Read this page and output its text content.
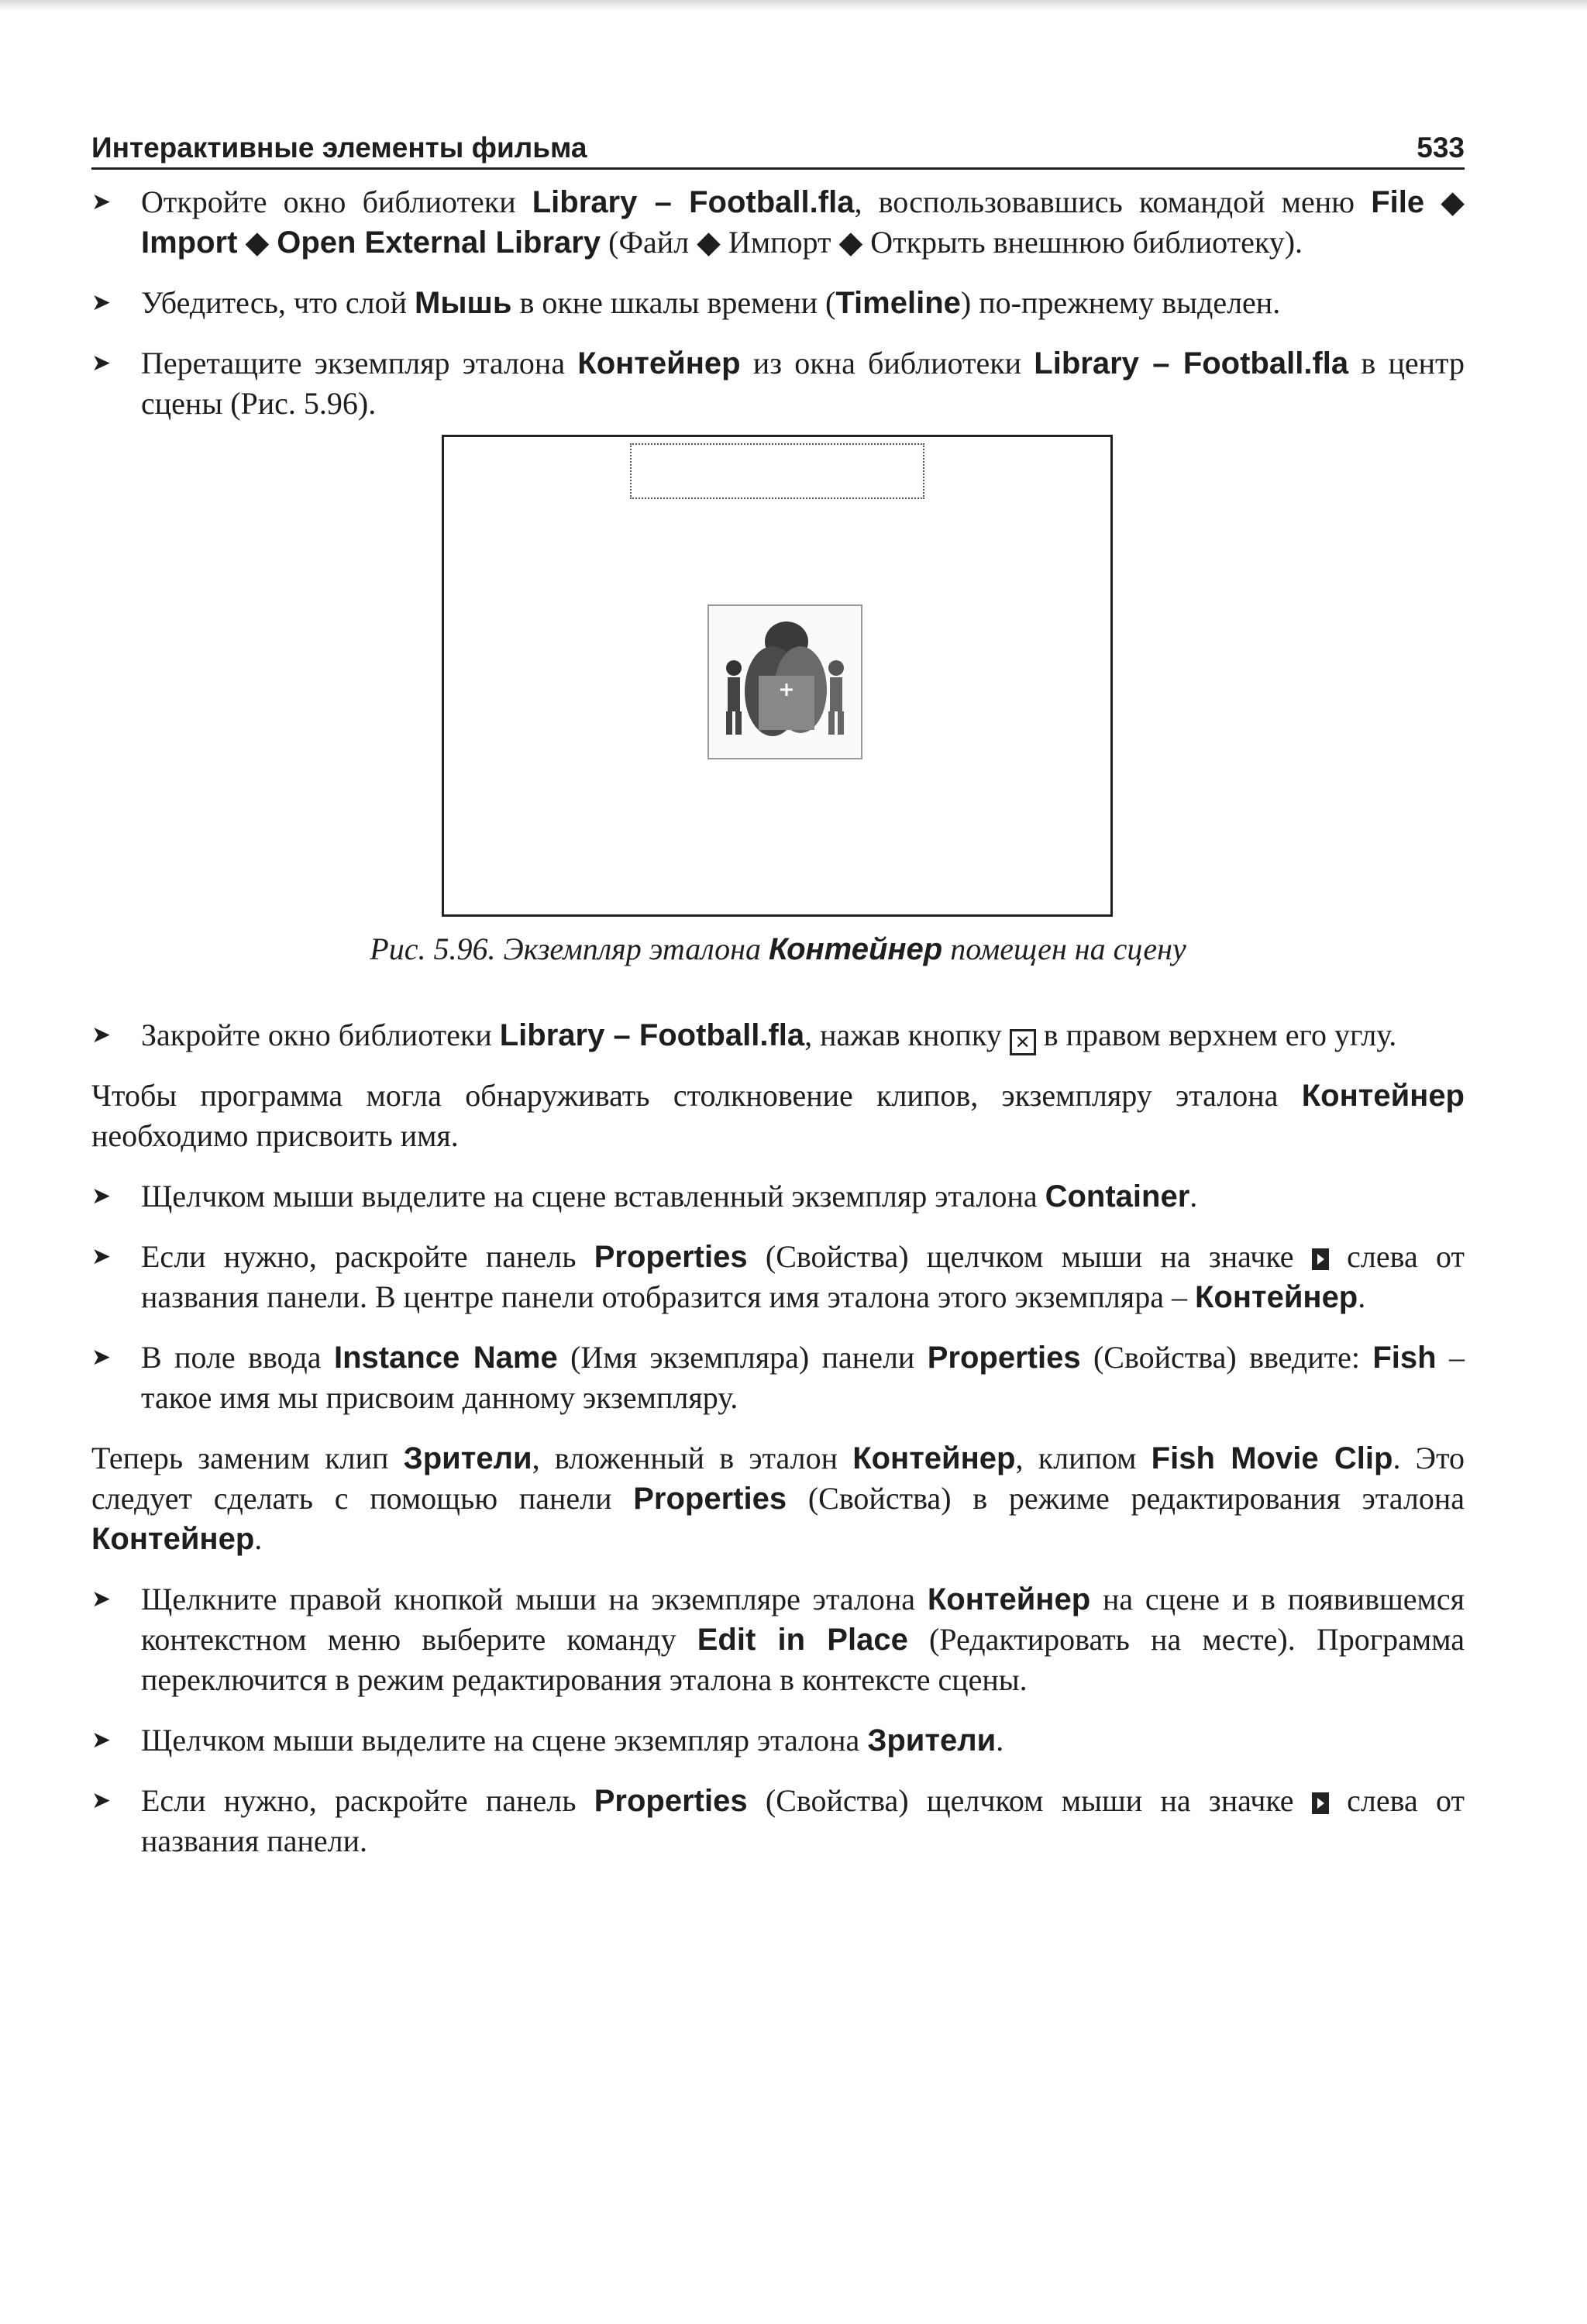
Интерактивные элементы фильма	533

➤ Откройте окно библиотеки Library – Football.fla, воспользовавшись командой меню File ◆ Import ◆ Open External Library (Файл ◆ Импорт ◆ Открыть внешнюю библиотеку).

➤ Убедитесь, что слой Мышь в окне шкалы времени (Timeline) по-прежнему выделен.

➤ Перетащите экземпляр эталона Контейнер из окна библиотеки Library – Football.fla в центр сцены (Рис. 5.96).

Рис. 5.96. Экземпляр эталона Контейнер помещен на сцену

➤ Закройте окно библиотеки Library – Football.fla, нажав кнопку ✕ в правом верхнем его углу.

Чтобы программа могла обнаруживать столкновение клипов, экземпляру эталона Контейнер необходимо присвоить имя.

➤ Щелчком мыши выделите на сцене вставленный экземпляр эталона Container.

➤ Если нужно, раскройте панель Properties (Свойства) щелчком мыши на значке  слева от названия панели. В центре панели отобразится имя эталона этого экземпляра – Контейнер.

➤ В поле ввода Instance Name (Имя экземпляра) панели Properties (Свойства) введите: Fish – такое имя мы присвоим данному экземпляру.

Теперь заменим клип Зрители, вложенный в эталон Контейнер, клипом Fish Movie Clip. Это следует сделать с помощью панели Properties (Свойства) в режиме редактирования эталона Контейнер.

➤ Щелкните правой кнопкой мыши на экземпляре эталона Контейнер на сцене и в появившемся контекстном меню выберите команду Edit in Place (Редактировать на месте). Программа переключится в режим редактирования эталона в контексте сцены.

➤ Щелчком мыши выделите на сцене экземпляр эталона Зрители.

➤ Если нужно, раскройте панель Properties (Свойства) щелчком мыши на значке  слева от названия панели.
